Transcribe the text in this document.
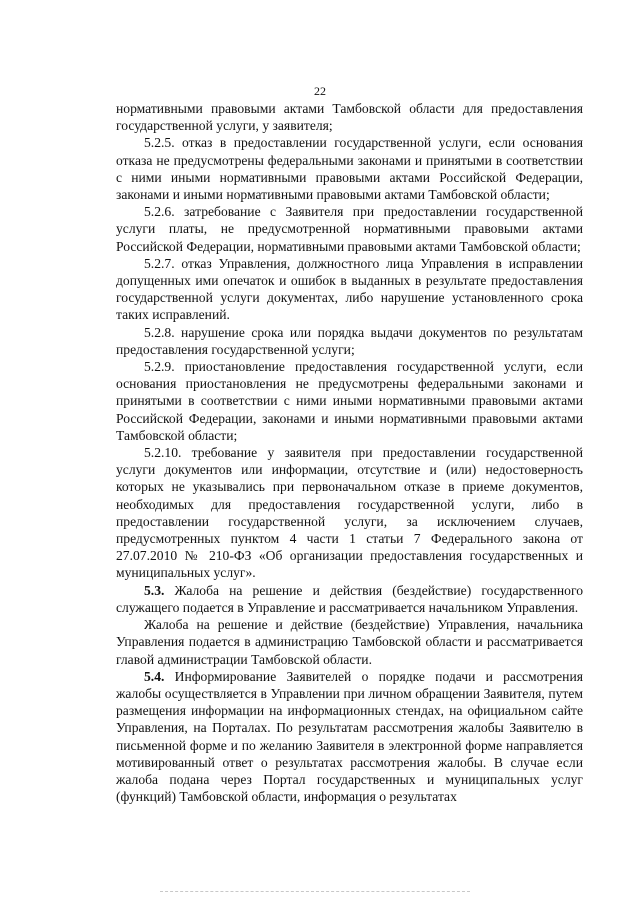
22

нормативными правовыми актами Тамбовской области для предоставления государственной услуги, у заявителя;

5.2.5. отказ в предоставлении государственной услуги, если основания отказа не предусмотрены федеральными законами и принятыми в соответствии с ними иными нормативными правовыми актами Российской Федерации, законами и иными нормативными правовыми актами Тамбовской области;

5.2.6. затребование с Заявителя при предоставлении государственной услуги платы, не предусмотренной нормативными правовыми актами Российской Федерации, нормативными правовыми актами Тамбовской области;

5.2.7. отказ Управления, должностного лица Управления в исправлении допущенных ими опечаток и ошибок в выданных в результате предоставления государственной услуги документах, либо нарушение установленного срока таких исправлений.

5.2.8. нарушение срока или порядка выдачи документов по результатам предоставления государственной услуги;

5.2.9. приостановление предоставления государственной услуги, если основания приостановления не предусмотрены федеральными законами и принятыми в соответствии с ними иными нормативными правовыми актами Российской Федерации, законами и иными нормативными правовыми актами Тамбовской области;

5.2.10. требование у заявителя при предоставлении государственной услуги документов или информации, отсутствие и (или) недостоверность которых не указывались при первоначальном отказе в приеме документов, необходимых для предоставления государственной услуги, либо в предоставлении государственной услуги, за исключением случаев, предусмотренных пунктом 4 части 1 статьи 7 Федерального закона от 27.07.2010 № 210-ФЗ «Об организации предоставления государственных и муниципальных услуг».

5.3. Жалоба на решение и действия (бездействие) государственного служащего подается в Управление и рассматривается начальником Управления.

Жалоба на решение и действие (бездействие) Управления, начальника Управления подается в администрацию Тамбовской области и рассматривается главой администрации Тамбовской области.

5.4. Информирование Заявителей о порядке подачи и рассмотрения жалобы осуществляется в Управлении при личном обращении Заявителя, путем размещения информации на информационных стендах, на официальном сайте Управления, на Порталах. По результатам рассмотрения жалобы Заявителю в письменной форме и по желанию Заявителя в электронной форме направляется мотивированный ответ о результатах рассмотрения жалобы. В случае если жалоба подана через Портал государственных и муниципальных услуг (функций) Тамбовской области, информация о результатах
